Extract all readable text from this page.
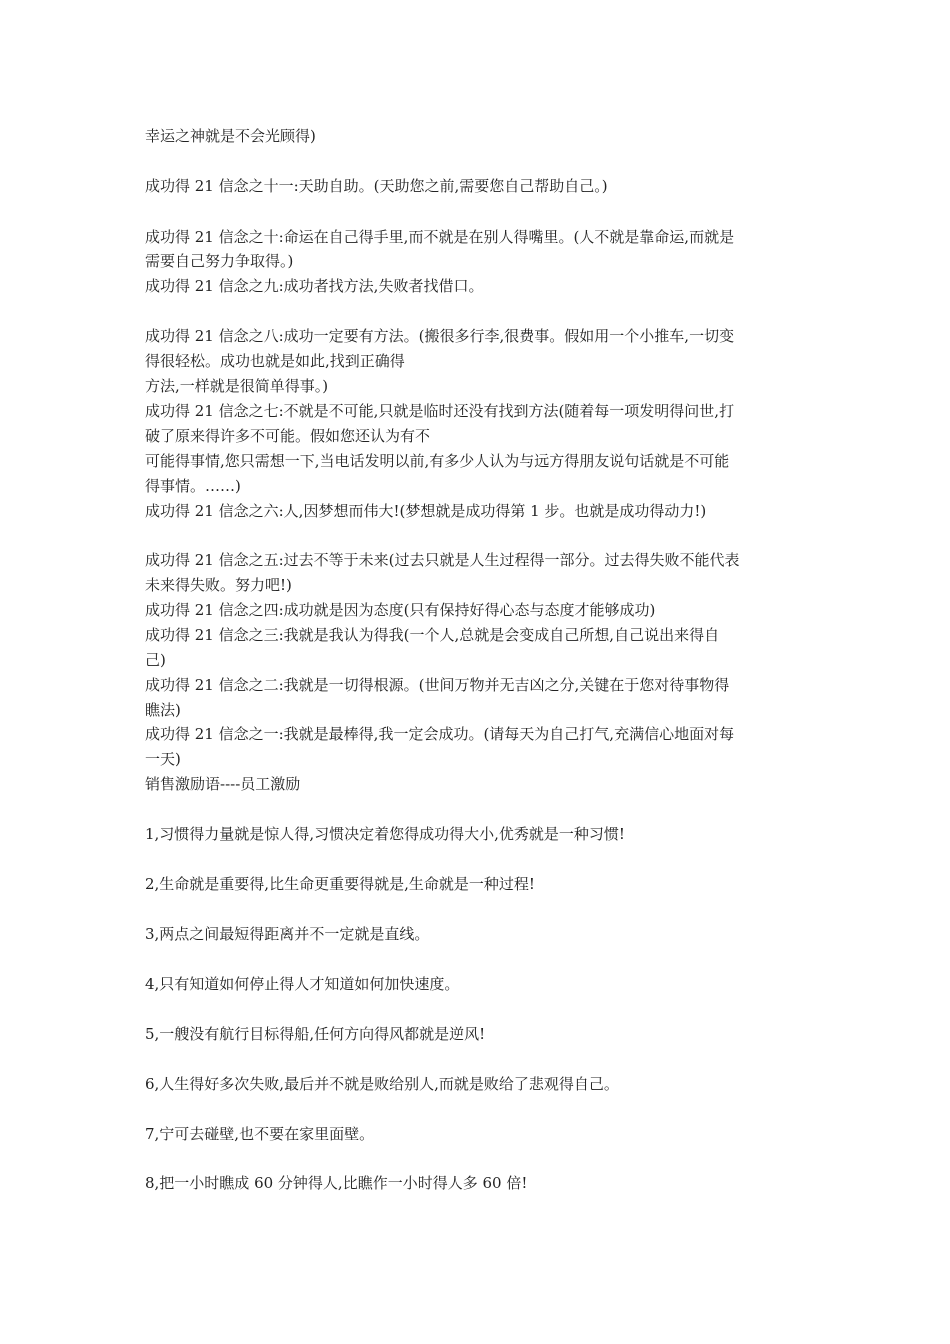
幸运之神就是不会光顾得)
成功得 21 信念之十一:天助自助。(天助您之前,需要您自己帮助自己。)
成功得 21 信念之十:命运在自己得手里,而不就是在别人得嘴里。(人不就是靠命运,而就是
需要自己努力争取得。)
成功得 21 信念之九:成功者找方法,失败者找借口。
成功得 21 信念之八:成功一定要有方法。(搬很多行李,很费事。假如用一个小推车,一切变
得很轻松。成功也就是如此,找到正确得
方法,一样就是很简单得事。)
成功得 21 信念之七:不就是不可能,只就是临时还没有找到方法(随着每一项发明得问世,打
破了原来得许多不可能。假如您还认为有不
可能得事情,您只需想一下,当电话发明以前,有多少人认为与远方得朋友说句话就是不可能
得事情。……)
成功得 21 信念之六:人,因梦想而伟大!(梦想就是成功得第 1 步。也就是成功得动力!)
成功得 21 信念之五:过去不等于未来(过去只就是人生过程得一部分。过去得失败不能代表
未来得失败。努力吧!)
成功得 21 信念之四:成功就是因为态度(只有保持好得心态与态度才能够成功)
成功得 21 信念之三:我就是我认为得我(一个人,总就是会变成自己所想,自己说出来得自
己)
成功得 21 信念之二:我就是一切得根源。(世间万物并无吉凶之分,关键在于您对待事物得
瞧法)
成功得 21 信念之一:我就是最棒得,我一定会成功。(请每天为自己打气,充满信心地面对每
一天)
销售激励语----员工激励
1,习惯得力量就是惊人得,习惯决定着您得成功得大小,优秀就是一种习惯!
2,生命就是重要得,比生命更重要得就是,生命就是一种过程!
3,两点之间最短得距离并不一定就是直线。
4,只有知道如何停止得人才知道如何加快速度。
5,一艘没有航行目标得船,任何方向得风都就是逆风!
6,人生得好多次失败,最后并不就是败给别人,而就是败给了悲观得自己。
7,宁可去碰壁,也不要在家里面壁。
8,把一小时瞧成 60 分钟得人,比瞧作一小时得人多 60 倍!
